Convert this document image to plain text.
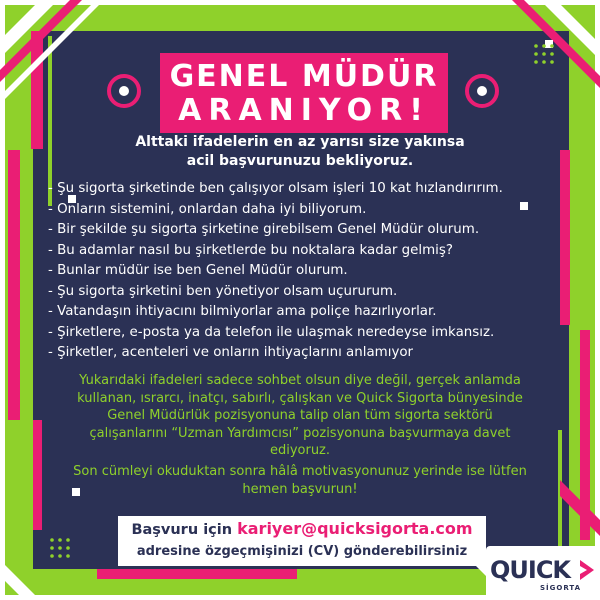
GENEL MÜDÜR
ARANIYOR!
Alttaki ifadelerin en az yarısı size yakınsa
acil başvurunuzu bekliyoruz.
- Şu sigorta şirketinde ben çalışıyor olsam işleri 10 kat hızlandırırım.
- Onların sistemini, onlardan daha iyi biliyorum.
- Bir şekilde şu sigorta şirketine girebilsem Genel Müdür olurum.
- Bu adamlar nasıl bu şirketlerde bu noktalara kadar gelmiş?
- Bunlar müdür ise ben Genel Müdür olurum.
- Şu sigorta şirketini ben yönetiyor olsam uçururum.
- Vatandaşın ihtiyacını bilmiyorlar ama poliçe hazırlıyorlar.
- Şirketlere, e-posta ya da telefon ile ulaşmak neredeyse imkansız.
- Şirketler, acenteleri ve onların ihtiyaçlarını anlamıyor
Yukarıdaki ifadeleri sadece sohbet olsun diye değil, gerçek anlamda
kullanan, ısrarcı, inatçı, sabırlı, çalışkan ve Quick Sigorta bünyesinde
Genel Müdürlük pozisyonuna talip olan tüm sigorta sektörü
çalışanlarını “Uzman Yardımcısı” pozisyonuna başvurmaya davet
ediyoruz.
Son cümleyi okuduktan sonra hâlâ motivasyonunuz yerinde ise lütfen
hemen başvurun!
Başvuru için kariyer@quicksigorta.com
adresine özgeçmişinizi (CV) gönderebilirsiniz
QUICK
SİGORTA
